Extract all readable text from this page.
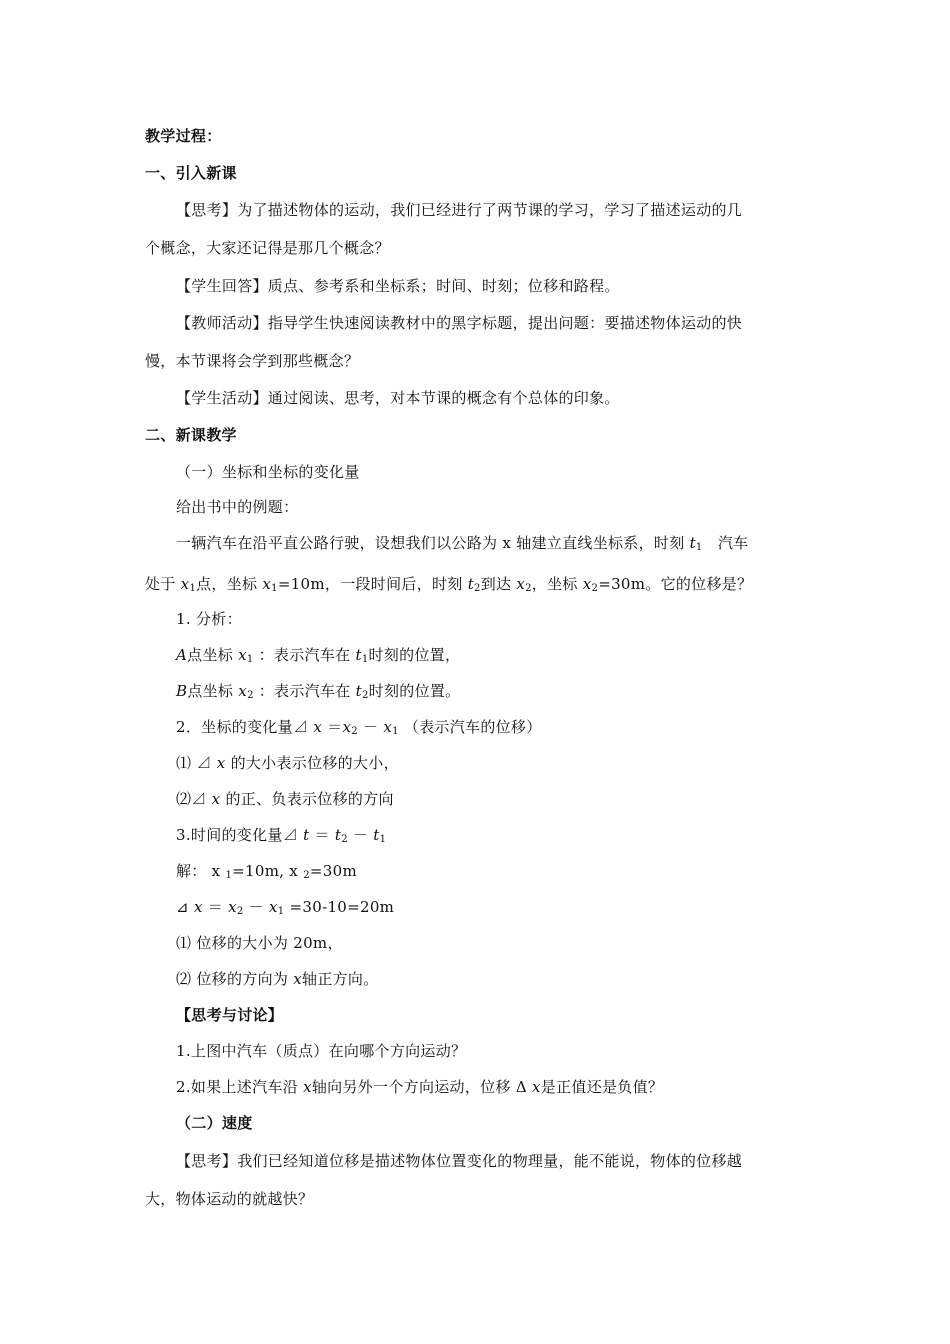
教学过程：
一、引入新课
【思考】为了描述物体的运动，我们已经进行了两节课的学习，学习了描述运动的几
个概念，大家还记得是那几个概念？
【学生回答】质点、参考系和坐标系；时间、时刻；位移和路程。
【教师活动】指导学生快速阅读教材中的黑字标题，提出问题：要描述物体运动的快
慢，本节课将会学到那些概念？
【学生活动】通过阅读、思考，对本节课的概念有个总体的印象。
二、新课教学
（一）坐标和坐标的变化量
给出书中的例题：
一辆汽车在沿平直公路行驶，设想我们以公路为 x 轴建立直线坐标系，时刻 $t_1$　汽车
处于 $x_1$点，坐标 $x_1=10m$，一段时间后，时刻 $t_2$到达 $x_2$，坐标 $x_2=30m$。它的位移是？
1. 分析：
A点坐标 $x_1$ ：表示汽车在 $t_1$时刻的位置，
B点坐标 $x_2$ ：表示汽车在 $t_2$时刻的位置。
2．坐标的变化量⊿ $x =x_2 - x_1$ （表示汽车的位移）
⑴ ⊿ x 的大小表示位移的大小，
⑵⊿ x 的正、负表示位移的方向
3.时间的变化量⊿ $t = t_2 - t_1$
解： x $_1$=10m, x $_2$=30m
⊿ $x = x_2 - x_1 =30-10=20m$
⑴ 位移的大小为 20m，
⑵ 位移的方向为 x轴正方向。
【思考与讨论】
1.上图中汽车（质点）在向哪个方向运动？
2.如果上述汽车沿 x轴向另外一个方向运动，位移 Δ x是正值还是负值？
（二）速度
【思考】我们已经知道位移是描述物体位置变化的物理量，能不能说，物体的位移越
大，物体运动的就越快？
